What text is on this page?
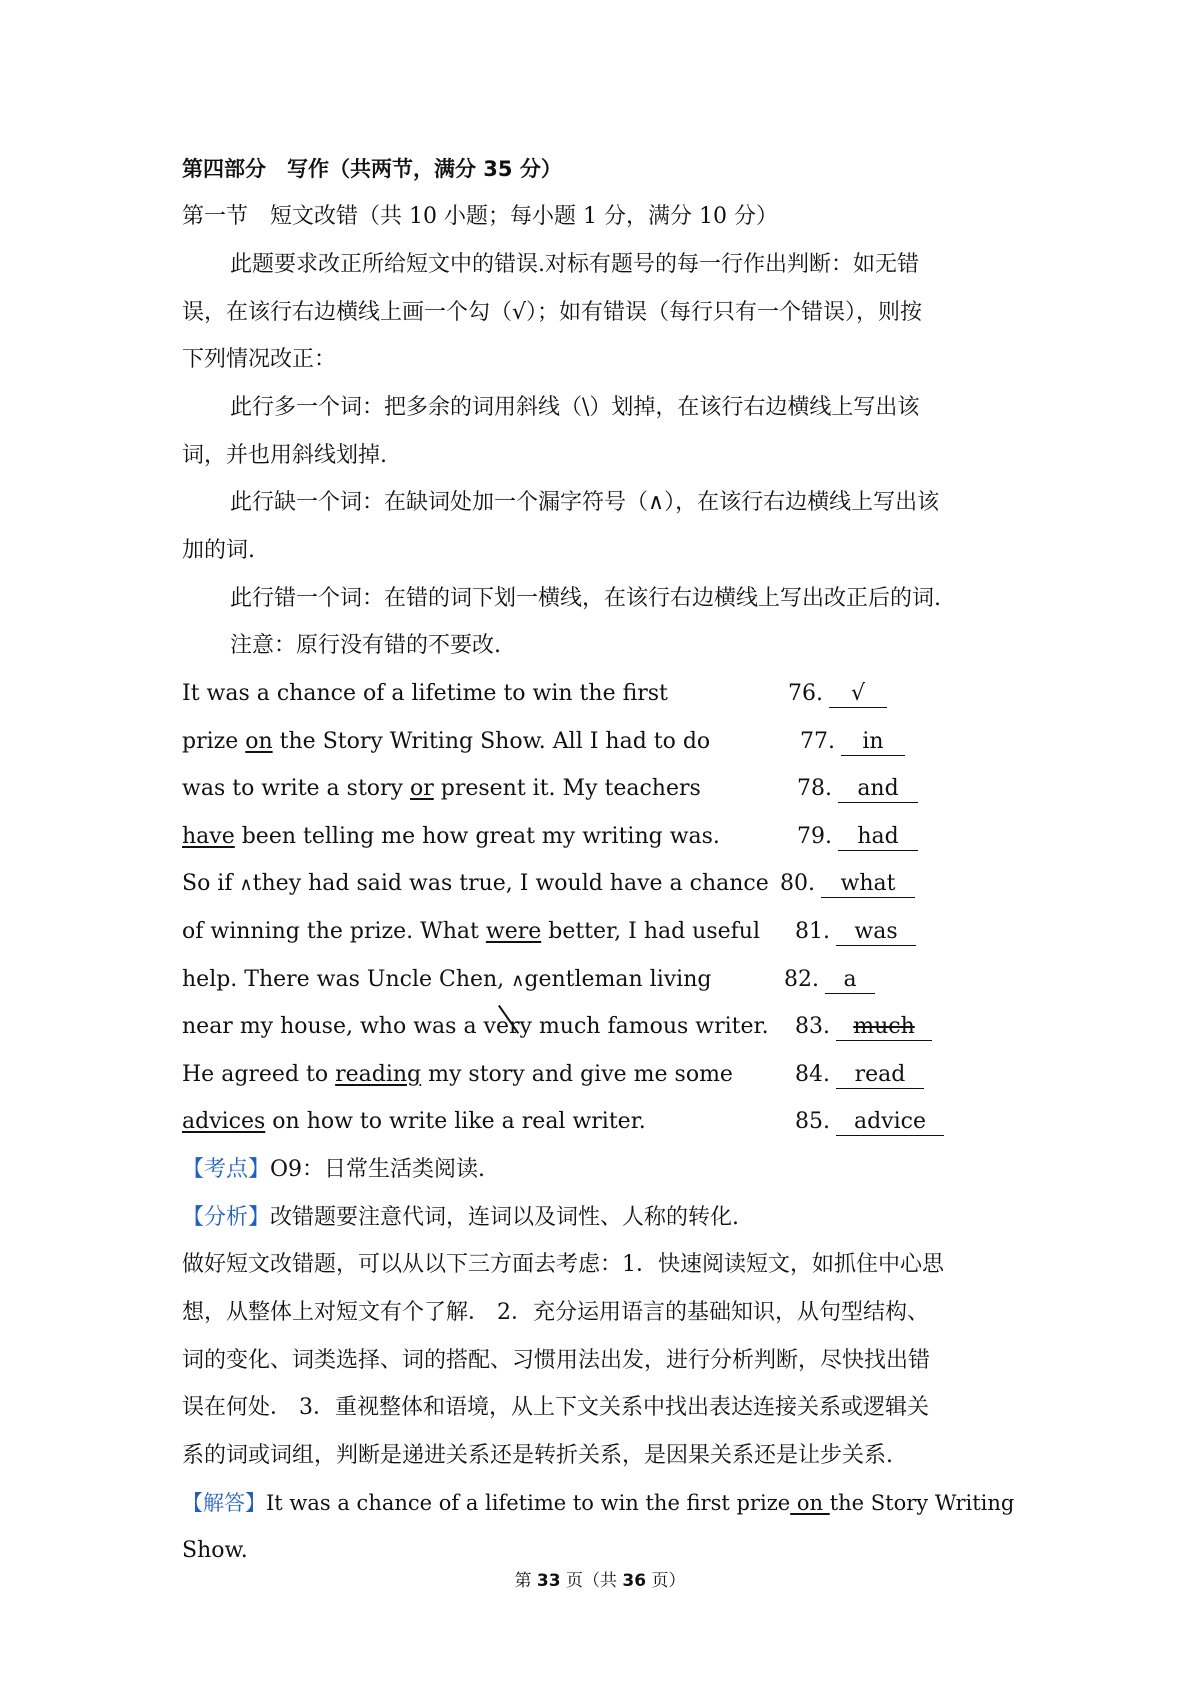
第四部分　写作（共两节，满分 35 分）
第一节　短文改错（共 10 小题；每小题 1 分，满分 10 分）
此题要求改正所给短文中的错误.对标有题号的每一行作出判断：如无错
误，在该行右边横线上画一个勾（√）；如有错误（每行只有一个错误），则按
下列情况改正：
此行多一个词：把多余的词用斜线（\）划掉，在该行右边横线上写出该
词，并也用斜线划掉.
此行缺一个词：在缺词处加一个漏字符号（∧），在该行右边横线上写出该
加的词.
此行错一个词：在错的词下划一横线，在该行右边横线上写出改正后的词.
注意：原行没有错的不要改.
It was a chance of a lifetime to win the first	76. √
prize on the Story Writing Show. All I had to do	77. in
was to write a story or present it. My teachers	78. and
have been telling me how great my writing was.	79. had
So if ∧they had said was true, I would have a chance 80. what
of winning the prize. What were better, I had useful 81. was
help. There was Uncle Chen, ∧gentleman living	82. a
near my house, who was a very much famous writer. 83. much
He agreed to reading my story and give me some	84. read
advices on how to write like a real writer.	85. advice
【考点】O9：日常生活类阅读.
【分析】改错题要注意代词，连词以及词性、人称的转化.
做好短文改错题，可以从以下三方面去考虑：1．快速阅读短文，如抓住中心思
想，从整体上对短文有个了解． 2．充分运用语言的基础知识，从句型结构、
词的变化、词类选择、词的搭配、习惯用法出发，进行分析判断，尽快找出错
误在何处． 3．重视整体和语境，从上下文关系中找出表达连接关系或逻辑关
系的词或词组，判断是递进关系还是转折关系，是因果关系还是让步关系.
【解答】It was a chance of a lifetime to win the first prize on the Story Writing
Show.
第 33 页（共 36 页）
